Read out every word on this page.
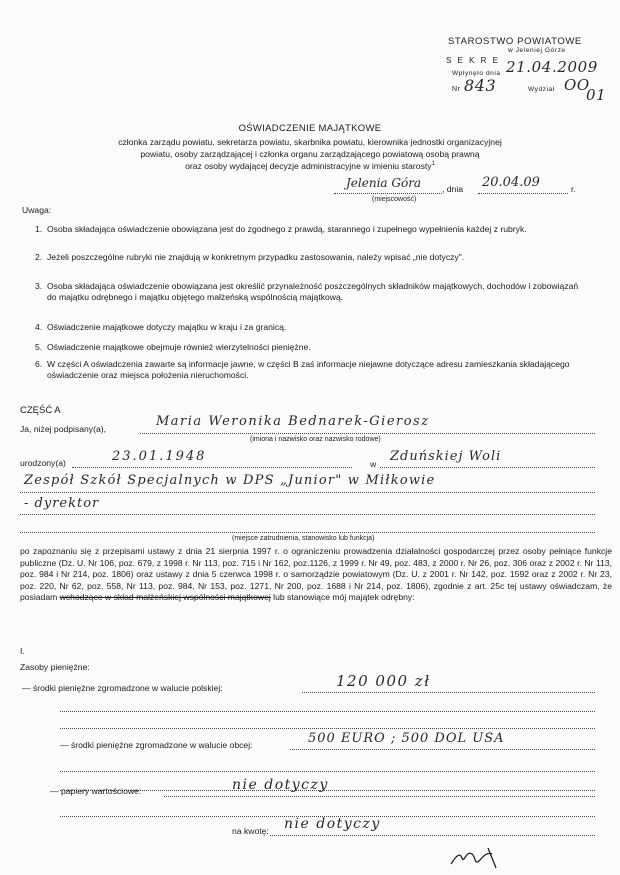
STAROSTWO POWIATOWE
w Jeleniej Górze
S E K R E
Wpłynęło dnia 21.04.2009
Nr 843	Wydział OO
01
OŚWIADCZENIE MAJĄTKOWE
członka zarządu powiatu, sekretarza powiatu, skarbnika powiatu, kierownika jednostki organizacyjnej
powiatu, osoby zarządzającej i członka organu zarządzającego powiatową osobą prawną
oraz osoby wydającej decyzje administracyjne w imieniu starosty$^1$
Jelenia Góra , dnia 20.04.09	r.
(miejscowość)
Uwaga:
1. Osoba składająca oświadczenie obowiązana jest do zgodnego z prawdą, starannego i zupełnego wypełnienia każdej z rubryk.
2. Jeżeli poszczególne rubryki nie znajdują w konkretnym przypadku zastosowania, należy wpisać „nie dotyczy".
3. Osoba składająca oświadczenie obowiązana jest określić przynależność poszczególnych składników majątkowych, dochodów i zobowiązań do majątku odrębnego i majątku objętego małżeńską wspólnością majątkową.
4. Oświadczenie majątkowe dotyczy majątku w kraju i za granicą.
5. Oświadczenie majątkowe obejmuje również wierzytelności pieniężne.
6. W części A oświadczenia zawarte są informacje jawne, w części B zaś informacje niejawne dotyczące adresu zamieszkania składającego oświadczenie oraz miejsca położenia nieruchomości.
CZĘŚĆ A
Ja, niżej podpisany(a),	Maria Weronika Bednarek-Gierosz
(imiona i nazwisko oraz nazwisko rodowe)
urodzony(a)	23.01.1948	w Zduńskiej Woli
Zespół Szkół Specjalnych w DPS „Junior" w Miłkowie
- dyrektor
(miejsce zatrudnienia, stanowisko lub funkcja)
po zapoznaniu się z przepisami ustawy z dnia 21 sierpnia 1997 r. o ograniczeniu prowadzenia działalności gospodarczej przez osoby pełniące funkcje publiczne (Dz. U. Nr 106, poz. 679, z 1998 r. Nr 113, poz. 715 i Nr 162, poz.1126, z 1999 r. Nr 49, poz. 483, z 2000 r. Nr 26, poz. 306 oraz z 2002 r. Nr 113, poz. 984 i Nr 214, poz. 1806) oraz ustawy z dnia 5 czerwca 1998 r. o samorządzie powiatowym (Dz. U. z 2001 r. Nr 142, poz. 1592 oraz z 2002 r. Nr 23, poz. 220, Nr 62, poz. 558, Nr 113, poz. 984, Nr 153, poz. 1271, Nr 200, poz. 1688 i Nr 214, poz. 1806), zgodnie z art. 25c tej ustawy oświadczam, że posiadam wchodzące w skład małżeńskiej wspólności majątkowej lub stanowiące mój majątek odrębny:
I.
Zasoby pieniężne:
— środki pieniężne zgromadzone w walucie polskiej:	120 000 zł
— środki pieniężne zgromadzone w walucie obcej:	500 EURO ; 500 DOL USA
— papiery wartościowe:	nie dotyczy
na kwotę: nie dotyczy
